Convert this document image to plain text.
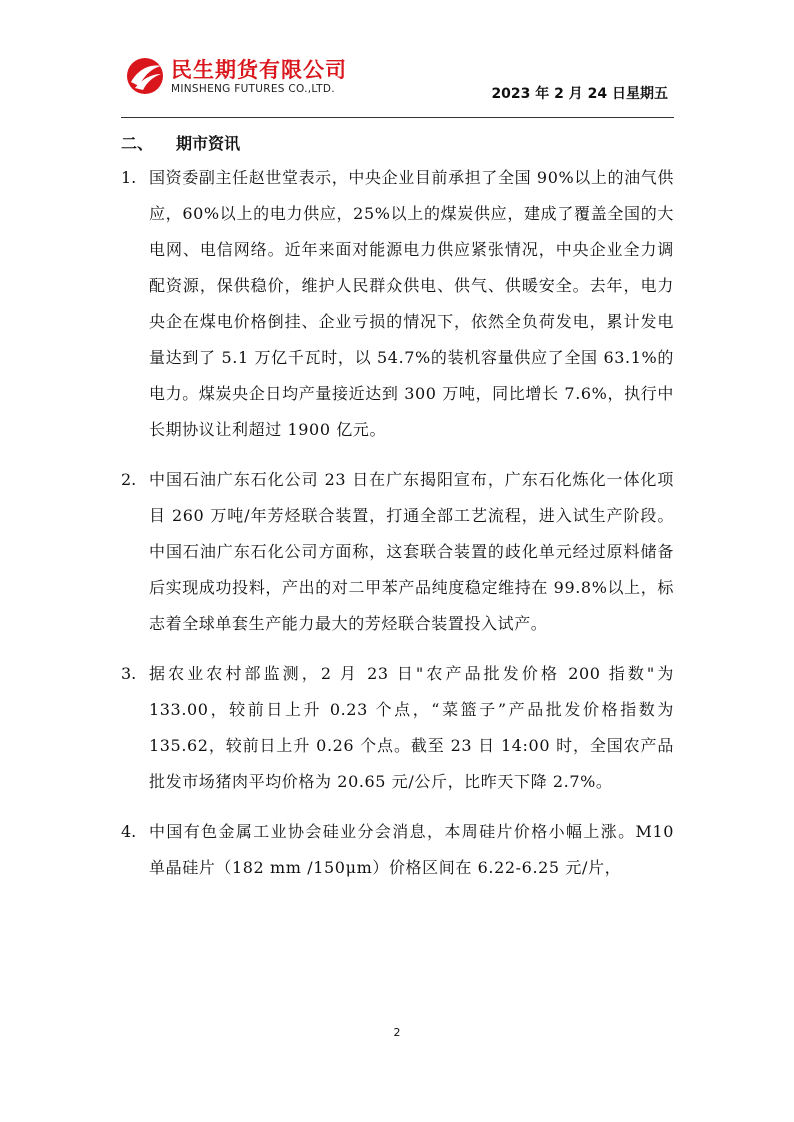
民生期货有限公司
MINSHENG FUTURES CO.,LTD.	2023 年 2 月 24 日星期五
二、 期市资讯
1. 国资委副主任赵世堂表示，中央企业目前承担了全国 90%以上的油气供应，60%以上的电力供应，25%以上的煤炭供应，建成了覆盖全国的大电网、电信网络。近年来面对能源电力供应紧张情况，中央企业全力调配资源，保供稳价，维护人民群众供电、供气、供暖安全。去年，电力央企在煤电价格倒挂、企业亏损的情况下，依然全负荷发电，累计发电量达到了 5.1 万亿千瓦时，以 54.7%的装机容量供应了全国 63.1%的电力。煤炭央企日均产量接近达到 300 万吨，同比增长 7.6%，执行中长期协议让利超过 1900 亿元。
2. 中国石油广东石化公司 23 日在广东揭阳宣布，广东石化炼化一体化项目 260 万吨/年芳烃联合装置，打通全部工艺流程，进入试生产阶段。中国石油广东石化公司方面称，这套联合装置的歧化单元经过原料储备后实现成功投料，产出的对二甲苯产品纯度稳定维持在 99.8%以上，标志着全球单套生产能力最大的芳烃联合装置投入试产。
3. 据农业农村部监测，2 月 23 日"农产品批发价格 200 指数"为 133.00，较前日上升 0.23 个点，“菜篮子”产品批发价格指数为 135.62，较前日上升 0.26 个点。截至 23 日 14:00 时，全国农产品批发市场猪肉平均价格为 20.65 元/公斤，比昨天下降 2.7%。
4. 中国有色金属工业协会硅业分会消息，本周硅片价格小幅上涨。M10 单晶硅片（182 mm /150μm）价格区间在 6.22-6.25 元/片，
2
